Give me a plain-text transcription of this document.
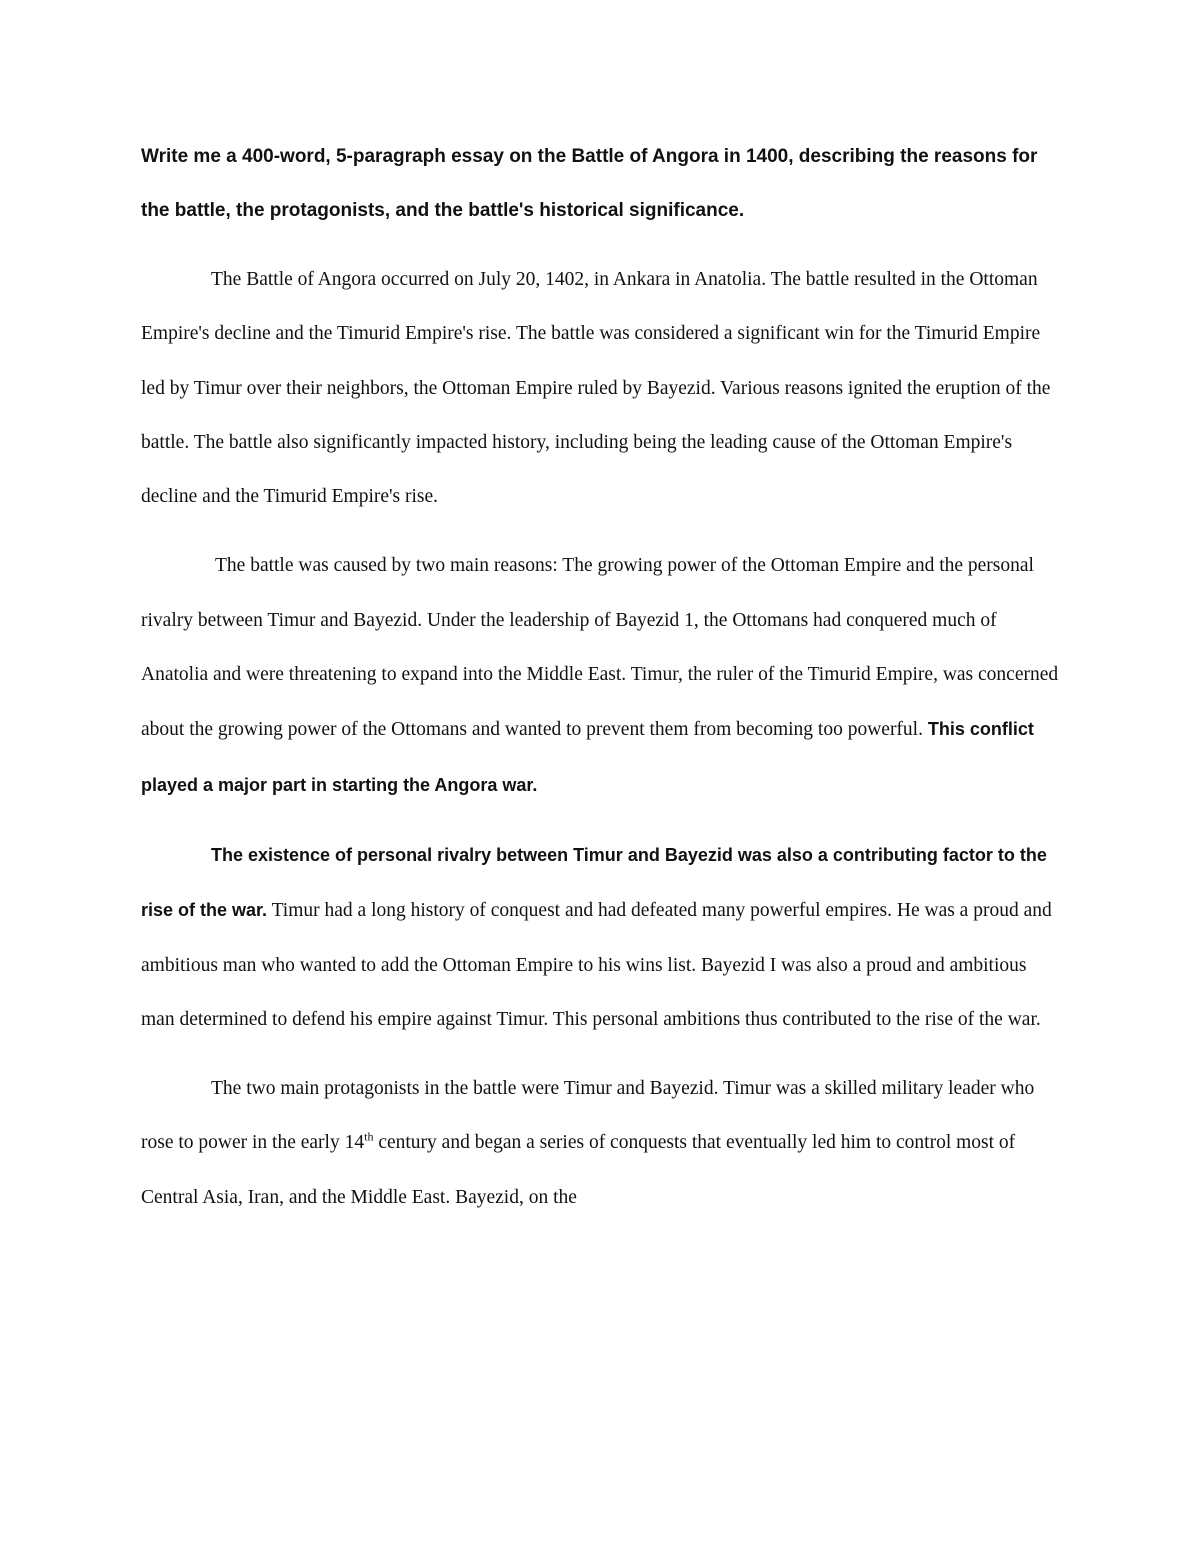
Write me a 400-word, 5-paragraph essay on the Battle of Angora in 1400, describing the reasons for the battle, the protagonists, and the battle's historical significance.

The Battle of Angora occurred on July 20, 1402, in Ankara in Anatolia. The battle resulted in the Ottoman Empire's decline and the Timurid Empire's rise. The battle was considered a significant win for the Timurid Empire led by Timur over their neighbors, the Ottoman Empire ruled by Bayezid. Various reasons ignited the eruption of the battle. The battle also significantly impacted history, including being the leading cause of the Ottoman Empire's decline and the Timurid Empire's rise.

The battle was caused by two main reasons: The growing power of the Ottoman Empire and the personal rivalry between Timur and Bayezid. Under the leadership of Bayezid 1, the Ottomans had conquered much of Anatolia and were threatening to expand into the Middle East. Timur, the ruler of the Timurid Empire, was concerned about the growing power of the Ottomans and wanted to prevent them from becoming too powerful. This conflict played a major part in starting the Angora war.

The existence of personal rivalry between Timur and Bayezid was also a contributing factor to the rise of the war. Timur had a long history of conquest and had defeated many powerful empires. He was a proud and ambitious man who wanted to add the Ottoman Empire to his wins list. Bayezid I was also a proud and ambitious man determined to defend his empire against Timur. This personal ambitions thus contributed to the rise of the war.

The two main protagonists in the battle were Timur and Bayezid. Timur was a skilled military leader who rose to power in the early 14th century and began a series of conquests that eventually led him to control most of Central Asia, Iran, and the Middle East. Bayezid, on the
